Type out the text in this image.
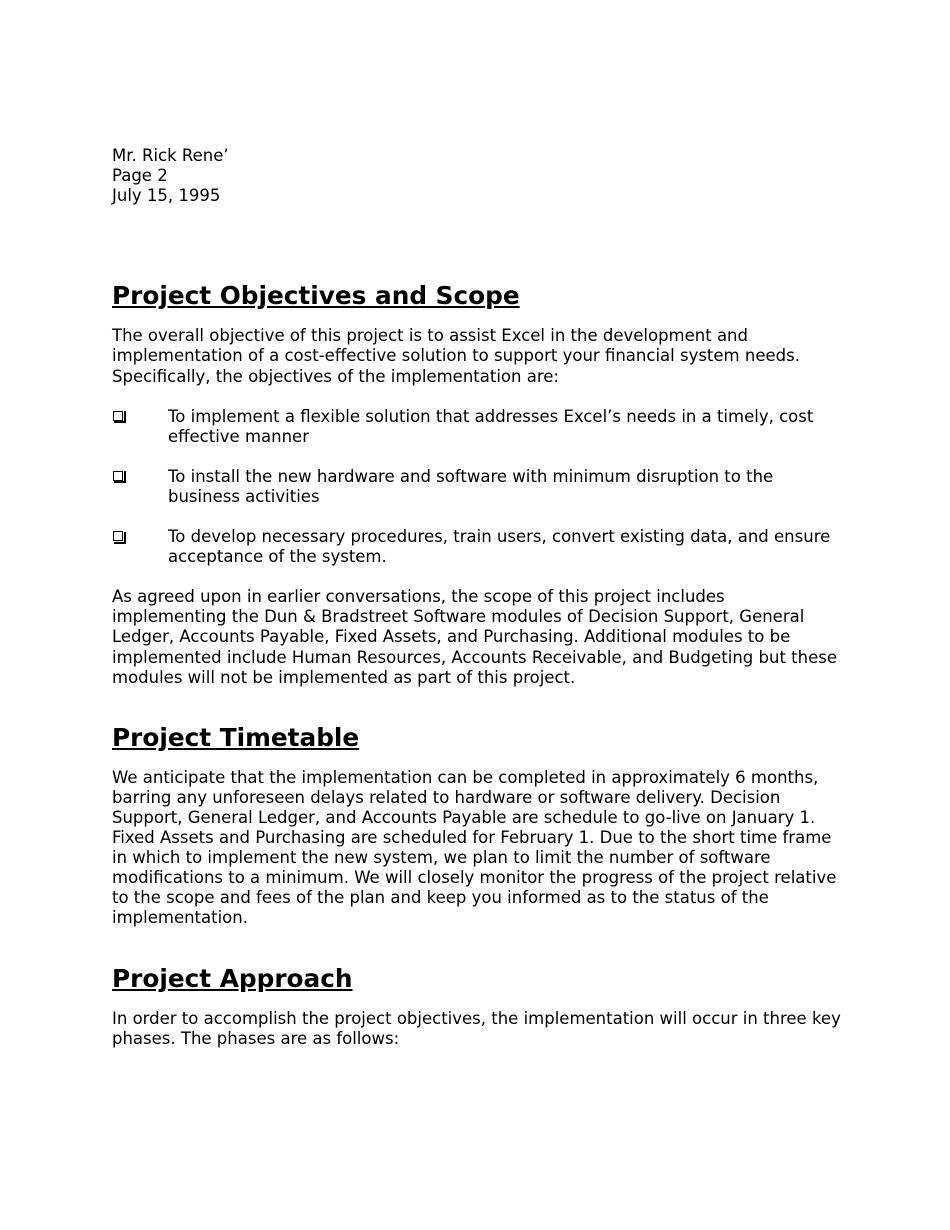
Mr. Rick Rene’

Page 2

July 15, 1995

Project Objectives and Scope

The overall objective of this project is to assist Excel in the development and implementation of a cost-effective solution to support your financial system needs. Specifically, the objectives of the implementation are:

To implement a flexible solution that addresses Excel’s needs in a timely, cost effective manner
To install the new hardware and software with minimum disruption to the business activities
To develop necessary procedures, train users, convert existing data, and ensure acceptance of the system.

As agreed upon in earlier conversations, the scope of this project includes implementing the Dun & Bradstreet Software modules of Decision Support, General Ledger, Accounts Payable, Fixed Assets, and Purchasing. Additional modules to be implemented include Human Resources, Accounts Receivable, and Budgeting but these modules will not be implemented as part of this project.

Project Timetable

We anticipate that the implementation can be completed in approximately 6 months, barring any unforeseen delays related to hardware or software delivery. Decision Support, General Ledger, and Accounts Payable are schedule to go-live on January 1. Fixed Assets and Purchasing are scheduled for February 1. Due to the short time frame in which to implement the new system, we plan to limit the number of software modifications to a minimum. We will closely monitor the progress of the project relative to the scope and fees of the plan and keep you informed as to the status of the implementation.

Project Approach

In order to accomplish the project objectives, the implementation will occur in three key phases. The phases are as follows:
